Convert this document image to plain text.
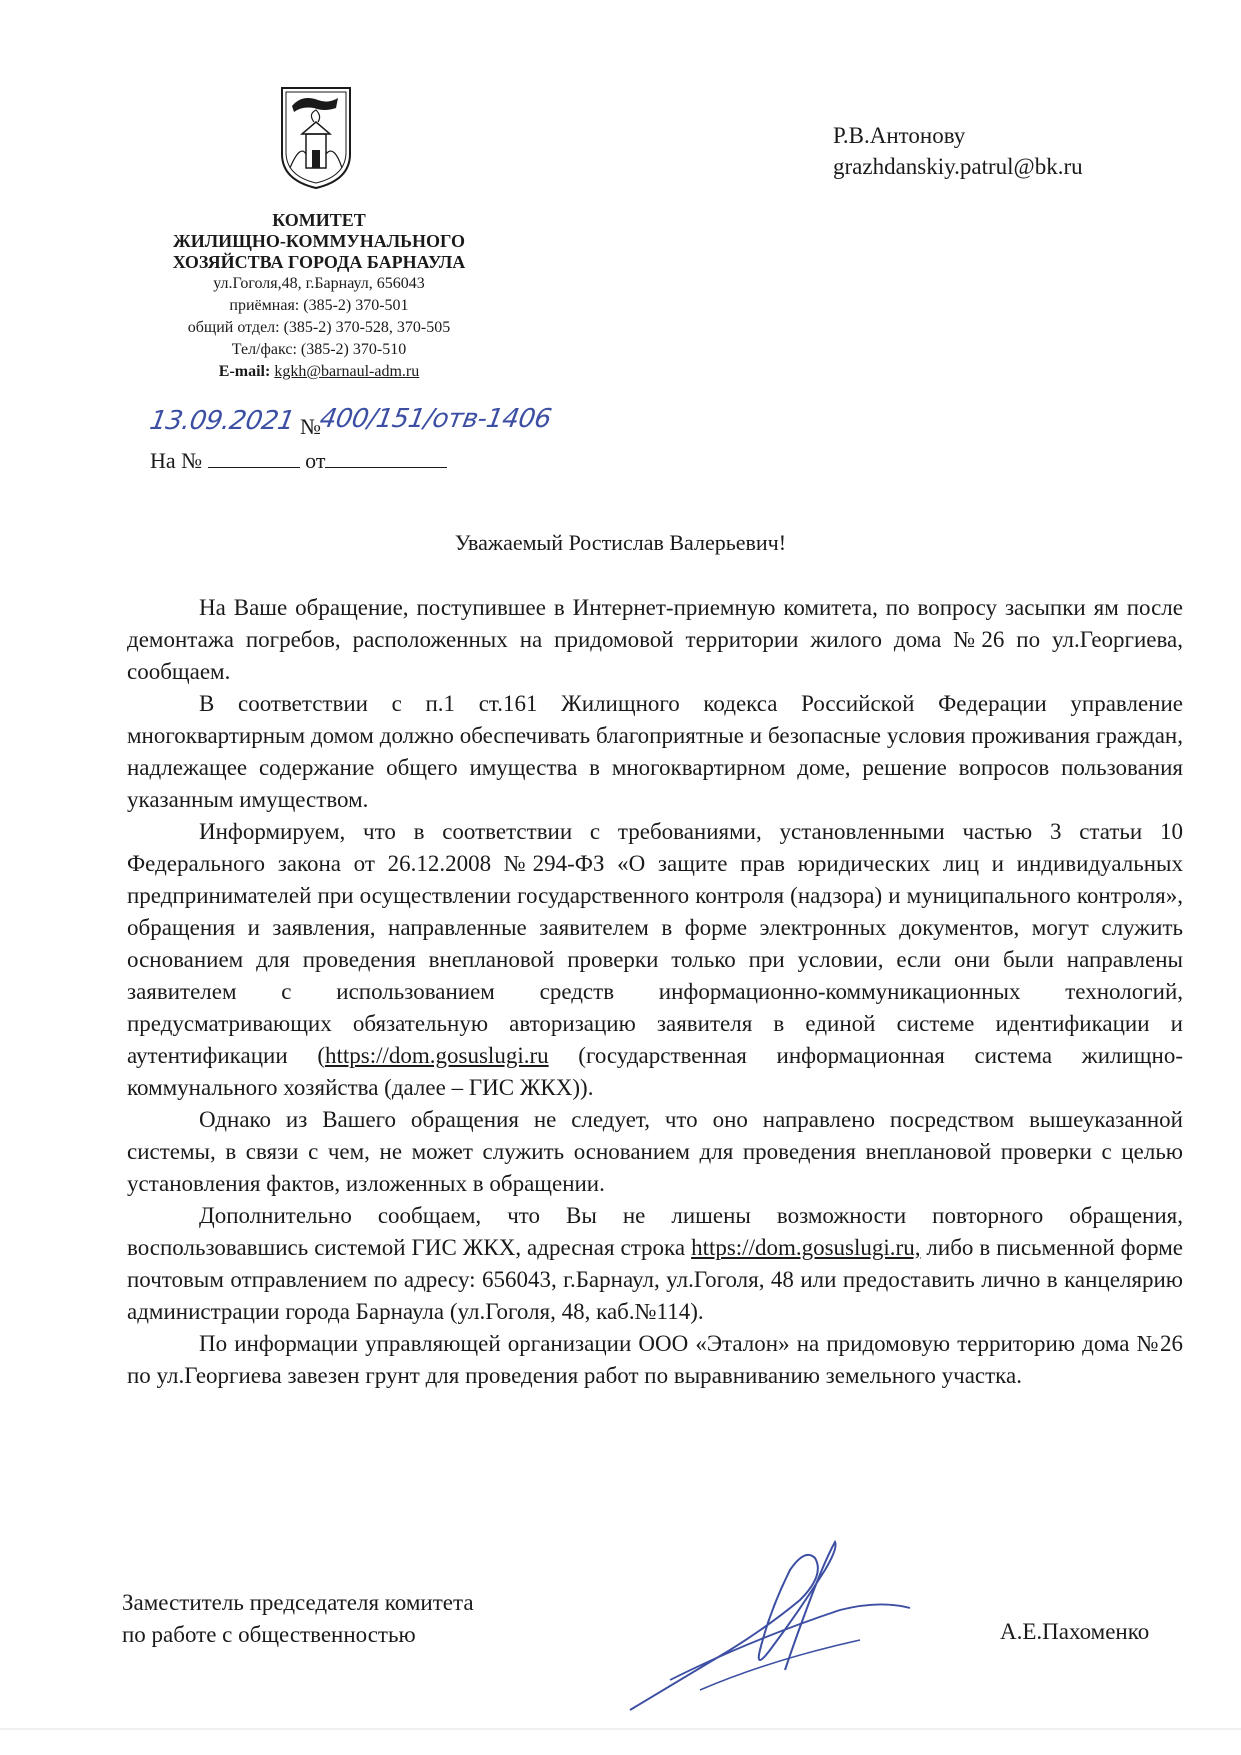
КОМИТЕТ
ЖИЛИЩНО-КОММУНАЛЬНОГО
ХОЗЯЙСТВА ГОРОДА БАРНАУЛА
ул.Гоголя,48, г.Барнаул, 656043
приёмная: (385-2) 370-501
общий отдел: (385-2) 370-528, 370-505
Тел/факс: (385-2) 370-510
E-mail: kgkh@barnaul-adm.ru
13.09.2021 №
400/151/отв-1406
На №	от
Р.В.Антонову
grazhdanskiy.patrul@bk.ru
Уважаемый Ростислав Валерьевич!

На Ваше обращение, поступившее в Интернет-приемную комитета, по вопросу засыпки ям после демонтажа погребов, расположенных на придомовой территории жилого дома №26 по ул.Георгиева, сообщаем.

В соответствии с п.1 ст.161 Жилищного кодекса Российской Федерации управление многоквартирным домом должно обеспечивать благоприятные и безопасные условия проживания граждан, надлежащее содержание общего имущества в многоквартирном доме, решение вопросов пользования указанным имуществом.

Информируем, что в соответствии с требованиями, установленными частью 3 статьи 10 Федерального закона от 26.12.2008 №294-ФЗ «О защите прав юридических лиц и индивидуальных предпринимателей при осуществлении государственного контроля (надзора) и муниципального контроля», обращения и заявления, направленные заявителем в форме электронных документов, могут служить основанием для проведения внеплановой проверки только при условии, если они были направлены заявителем с использованием средств информационно-коммуникационных технологий, предусматривающих обязательную авторизацию заявителя в единой системе идентификации и аутентификации (https://dom.gosuslugi.ru (государственная информационная система жилищно-коммунального хозяйства (далее – ГИС ЖКХ)).

Однако из Вашего обращения не следует, что оно направлено посредством вышеуказанной системы, в связи с чем, не может служить основанием для проведения внеплановой проверки с целью установления фактов, изложенных в обращении.

Дополнительно сообщаем, что Вы не лишены возможности повторного обращения, воспользовавшись системой ГИС ЖКХ, адресная строка https://dom.gosuslugi.ru, либо в письменной форме почтовым отправлением по адресу: 656043, г.Барнаул, ул.Гоголя, 48 или предоставить лично в канцелярию администрации города Барнаула (ул.Гоголя, 48, каб.№114).

По информации управляющей организации ООО «Эталон» на придомовую территорию дома №26 по ул.Георгиева завезен грунт для проведения работ по выравниванию земельного участка.

Заместитель председателя комитета
по работе с общественностью	А.Е.Пахоменко
